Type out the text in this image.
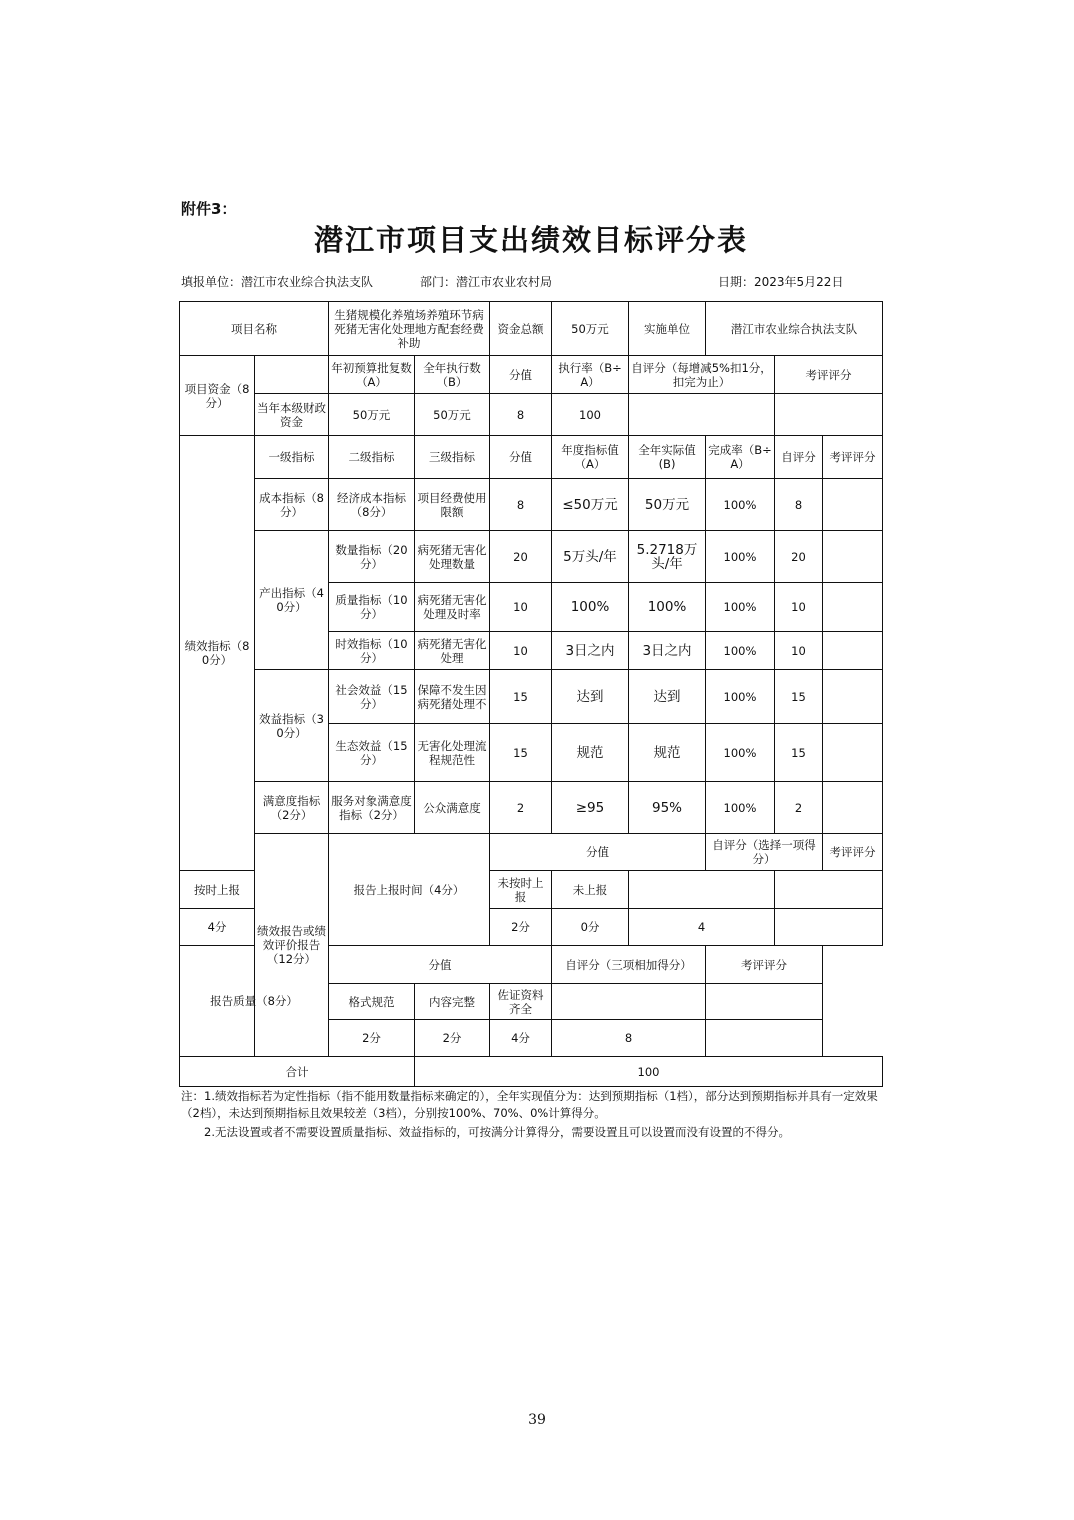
附件3：
潜江市项目支出绩效目标评分表
填报单位：潜江市农业综合执法支队	部门：潜江市农业农村局	日期：2023年5月22日
项目名称		生猪规模化养殖场养殖环节病死猪无害化处理地方配套经费补助		资金总额	50万元	实施单位	潜江市农业综合执法支队			
项目资金（8分）		年初预算批复数（A）	全年执行数（B）	分值	执行率（B÷A）	自评分（每增减5%扣1分，扣完为止）		考评评分		
	当年本级财政资金	50万元	50万元	8	100					
绩效指标（80分）	一级指标	二级指标	三级指标	分值	年度指标值（A）	全年实际值(B)	完成率（B÷A）	自评分	考评评分	
	成本指标（8分）	经济成本指标（8分）	项目经费使用限额	8	≤50万元	50万元	100%	8		
	产出指标（40分）	数量指标（20分）	病死猪无害化处理数量	20	5万头/年	5.2718万头/年	100%	20		
		质量指标（10分）	病死猪无害化处理及时率	10	100%	100%	100%	10		
		时效指标（10分）	病死猪无害化处理	10	3日之内	3日之内	100%	10		
	效益指标（30分）	社会效益（15分）	保障不发生因病死猪处理不	15	达到	达到	100%	15		
		生态效益（15分）	无害化处理流程规范性	15	规范	规范	100%	15		
	满意度指标（2分）	服务对象满意度指标（2分）	公众满意度	2	≥95	95%	100%	2		
	绩效报告或绩效评价报告（12分）	报告上报时间（4分）		分值			自评分（选择一项得分）		考评评分	
按时上报				未按时上报	未上报					
4分				2分	0分	4				
报告质量（8分）		分值			自评分（三项相加得分）		考评评分			
		格式规范	内容完整	佐证资料齐全						
		2分	2分	4分	8					
合计			100							

注：1.绩效指标若为定性指标（指不能用数量指标来确定的），全年实现值分为：达到预期指标（1档），部分达到预期指标并具有一定效果（2档），未达到预期指标且效果较差（3档），分别按100%、70%、0%计算得分。

2.无法设置或者不需要设置质量指标、效益指标的，可按满分计算得分，需要设置且可以设置而没有设置的不得分。

39
